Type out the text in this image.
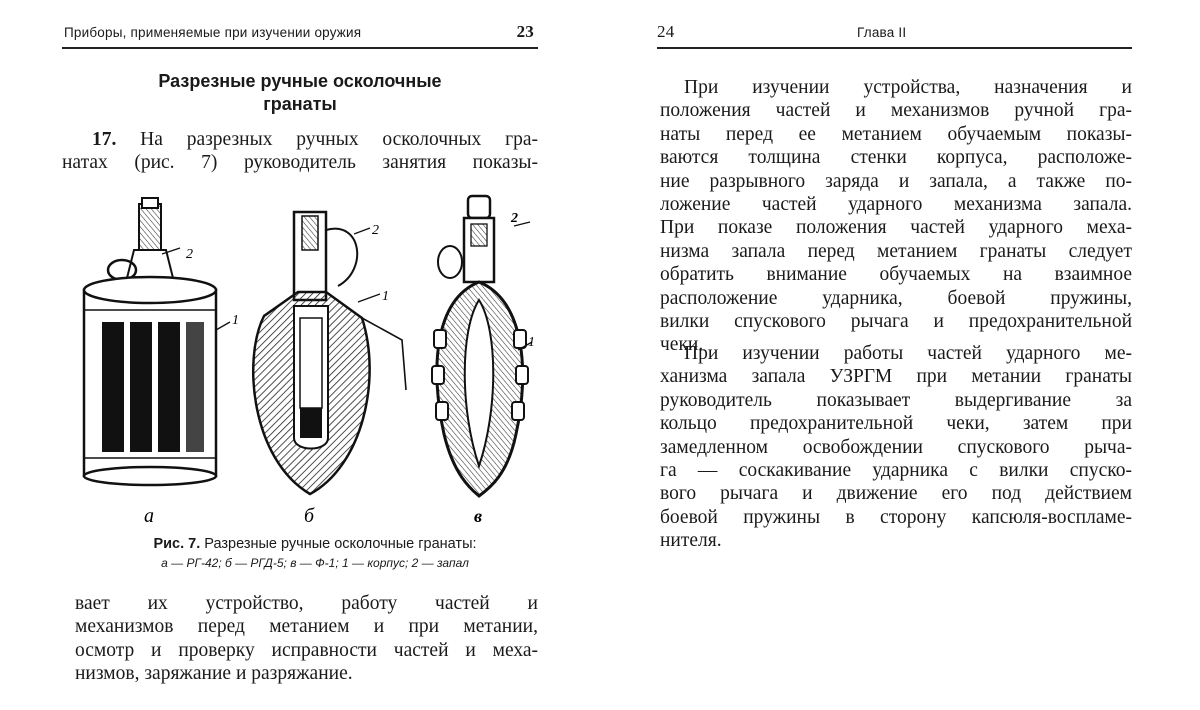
Приборы, применяемые при изучении оружия	23
Разрезные ручные осколочные
гранаты
17. На разрезных ручных осколочных гра-
натах (рис. 7) руководитель занятия показы-
2
1
2
1
2
1
а	б	в
Рис. 7. Разрезные ручные осколочные гранаты:
а — РГ-42; б — РГД-5; в — Ф-1; 1 — корпус; 2 — запал
вает их устройство, работу частей и
механизмов перед метанием и при метании,
осмотр и проверку исправности частей и меха-
низмов, заряжание и разряжание.
24	Глава II
При изучении устройства, назначения и
положения частей и механизмов ручной гра-
наты перед ее метанием обучаемым показы-
ваются толщина стенки корпуса, расположе-
ние разрывного заряда и запала, а также по-
ложение частей ударного механизма запала.
При показе положения частей ударного меха-
низма запала перед метанием гранаты следует
обратить внимание обучаемых на взаимное
расположение ударника, боевой пружины,
вилки спускового рычага и предохранительной
чеки.
При изучении работы частей ударного ме-
ханизма запала УЗРГМ при метании гранаты
руководитель показывает выдергивание за
кольцо предохранительной чеки, затем при
замедленном освобождении спускового рыча-
га — соскакивание ударника с вилки спуско-
вого рычага и движение его под действием
боевой пружины в сторону капсюля-воспламе-
нителя.
